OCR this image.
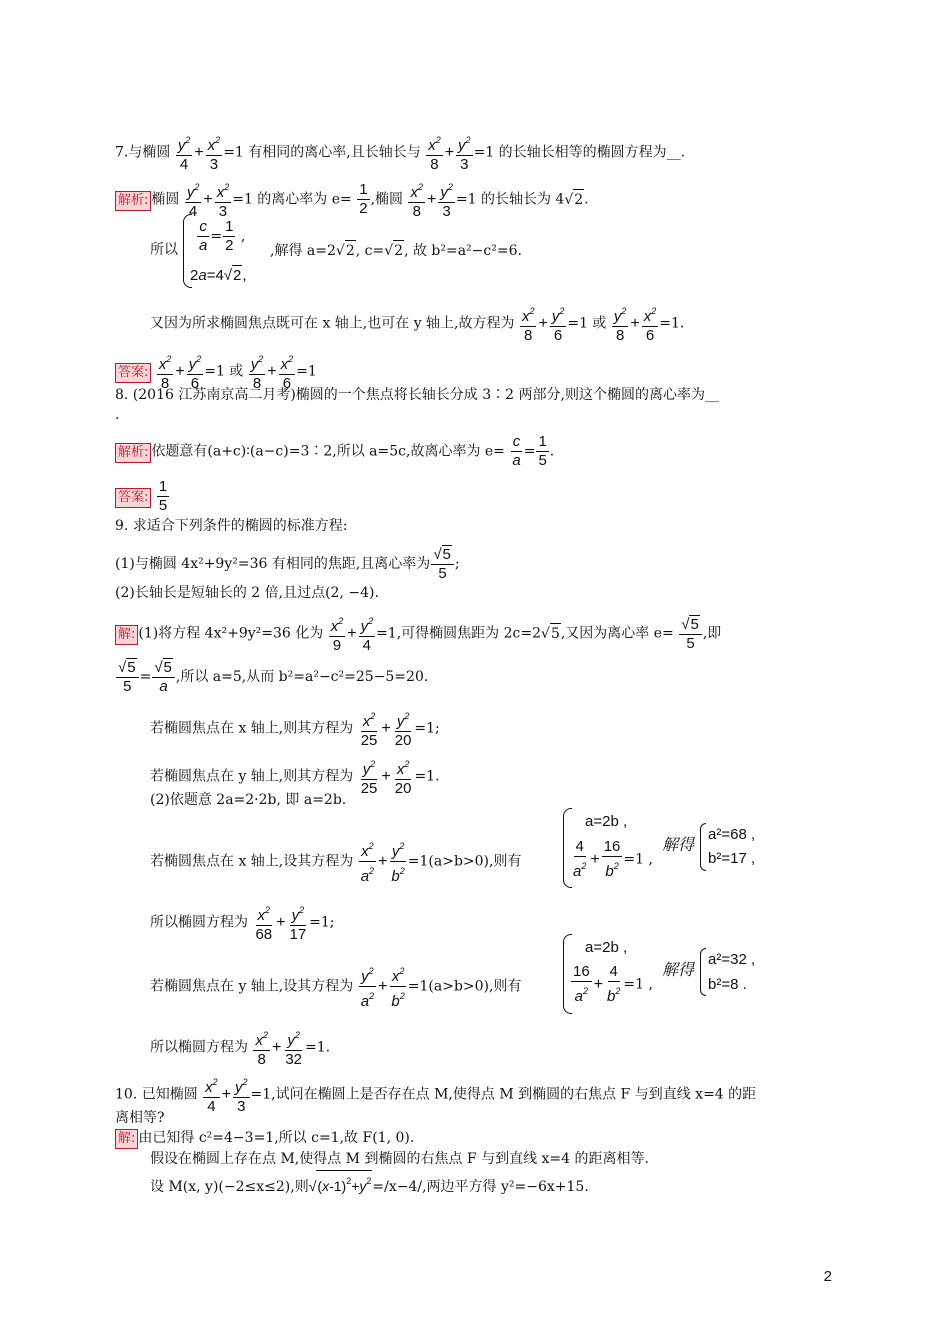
7.与椭圆 $\frac{y^2}{4} + \frac{x^2}{3} =1$ 有相同的离心率,且长轴长与 $\frac{x^2}{8} + \frac{y^2}{3} =1$ 的长轴长相等的椭圆方程为__.
解析: 椭圆 $\frac{y^2}{4} + \frac{x^2}{3} =1$ 的离心率为 $e= \frac{1}{2}$ ,椭圆 $\frac{x^2}{8} + \frac{y^2}{3} =1$ 的长轴长为 4√ 2 .
所以 $\frac{c}{a} = \frac{1}{2}$ ,
2a=4√ 2 ,
,解得 a=2√ 2 , c=√ 2 , 故 b²=a²−c²=6.
又因为所求椭圆焦点既可在 x 轴上,也可在 y 轴上,故方程为 $\frac{x^2}{8} + \frac{y^2}{6} =1$ 或 $\frac{y^2}{8} + \frac{x^2}{6} =1$.
答案: $\frac{x^2}{8} + \frac{y^2}{6} =1$ 或 $\frac{y^2}{8} + \frac{x^2}{6} =1$
8. (2016 江苏南京高二月考)椭圆的一个焦点将长轴长分成 3∶2 两部分,则这个椭圆的离心率为__
.
解析: 依题意有(a+c)∶(a−c)=3∶2,所以 a=5c,故离心率为 $e= \frac{c}{a} = \frac{1}{5}$ .
答案: $\frac{1}{5}$
9. 求适合下列条件的椭圆的标准方程:
(1)与椭圆 4x²+9y²=36 有相同的焦距,且离心率为 $\frac{√ 5}{5}$ ;
(2)长轴长是短轴长的 2 倍,且过点(2, −4).
解: (1)将方程 4x²+9y²=36 化为 $\frac{x^2}{9} + \frac{y^2}{4} =1$,可得椭圆焦距为 2c=2√ 5 ,又因为离心率 $e= \frac{√ 5}{5}$ ,即
$\frac{√ 5}{5} = \frac{√ 5}{a}$ ,所以 a=5,从而 b²=a²−c²=25−5=20.
若椭圆焦点在 x 轴上,则其方程为 $\frac{x^2}{25} + \frac{y^2}{20} =1$;
若椭圆焦点在 y 轴上,则其方程为 $\frac{y^2}{25} + \frac{x^2}{20} =1$.
(2)依题意 2a=2·2b, 即 a=2b.
若椭圆焦点在 x 轴上,设其方程为 $\frac{x^2}{a^2} + \frac{y^2}{b^2} =1(a>b>0)$,则有
a=2b ,
$\frac{4}{a^2} + \frac{16}{b^2} =1$ ,
解得
a²=68 ,
b²=17 ,
所以椭圆方程为 $\frac{x^2}{68} + \frac{y^2}{17} =1$;
若椭圆焦点在 y 轴上,设其方程为 $\frac{y^2}{a^2} + \frac{x^2}{b^2} =1(a>b>0)$,则有
a=2b ,
$\frac{16}{a^2} + \frac{4}{b^2} =1$ ,
解得
a²=32 ,
b²=8 .
所以椭圆方程为 $\frac{x^2}{8} + \frac{y^2}{32} =1$.
10. 已知椭圆 $\frac{x^2}{4} + \frac{y^2}{3} =1$,试问在椭圆上是否存在点 M,使得点 M 到椭圆的右焦点 F 与到直线 x=4 的距
离相等?
解: 由已知得 c²=4−3=1,所以 c=1,故 F(1, 0).
假设在椭圆上存在点 M,使得点 M 到椭圆的右焦点 F 与到直线 x=4 的距离相等.
设 M(x, y)(−2≤x≤2),则√ $(x-1)^2+y^2 =/x-4/$,两边平方得 y²=−6x+15.
2
